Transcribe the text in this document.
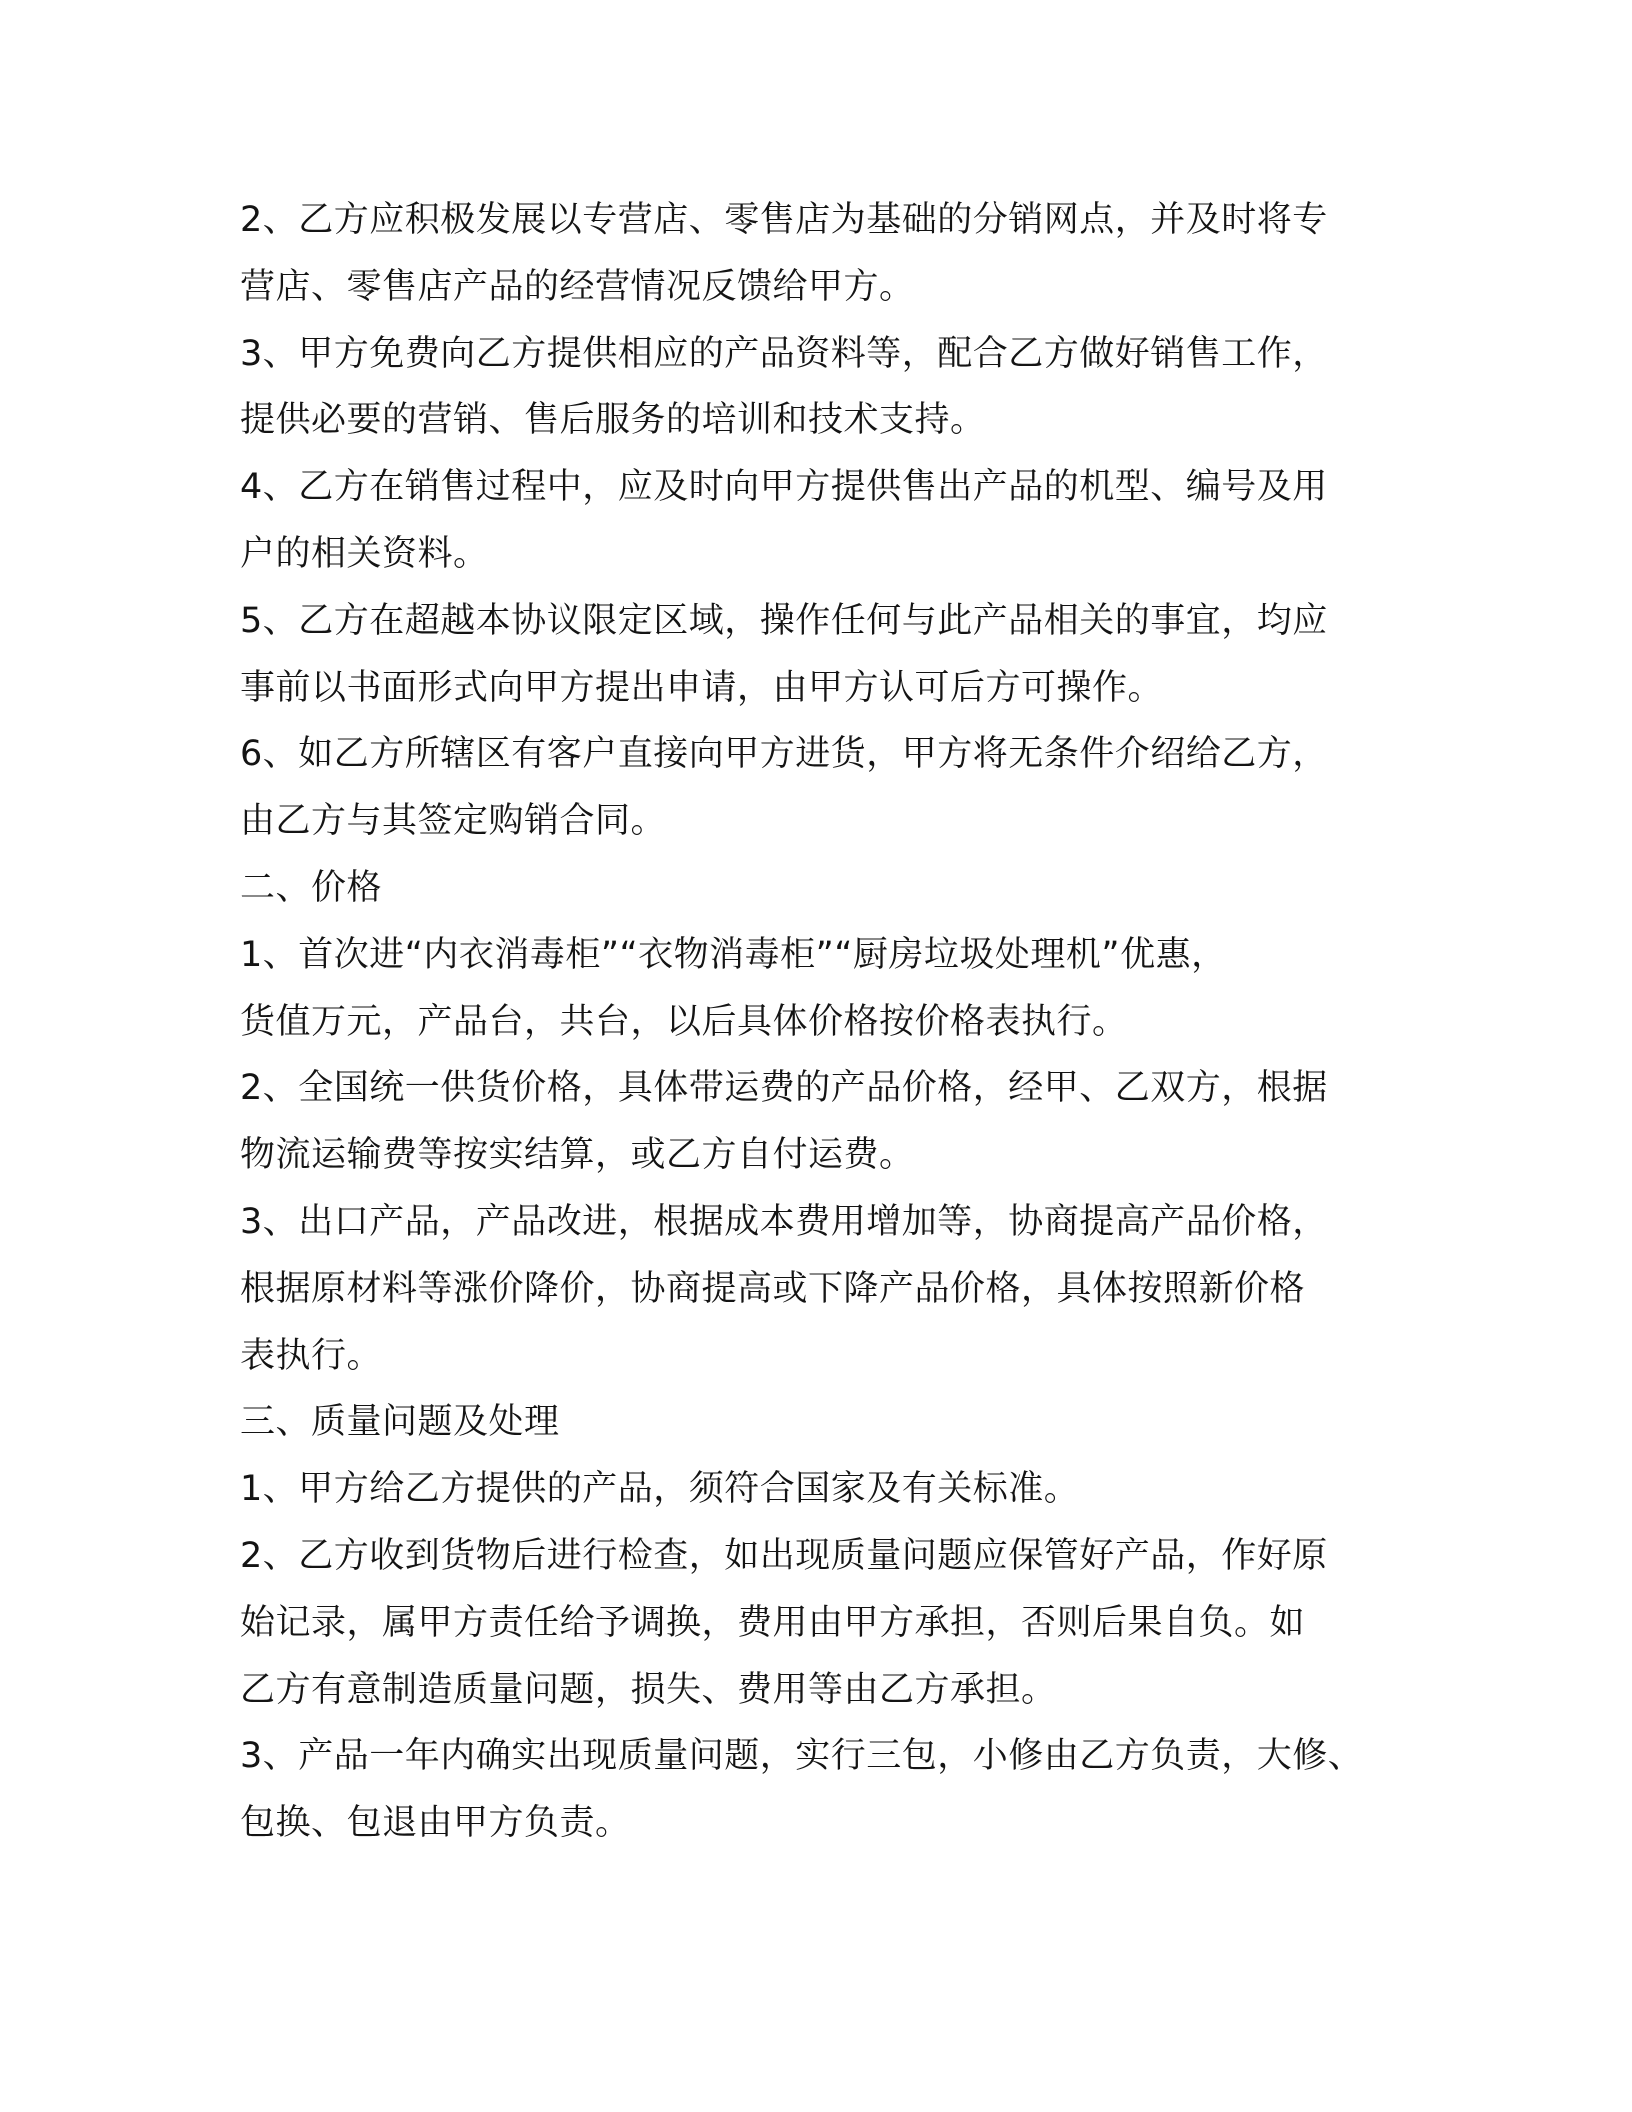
2、乙方应积极发展以专营店、零售店为基础的分销网点，并及时将专
营店、零售店产品的经营情况反馈给甲方。
3、甲方免费向乙方提供相应的产品资料等，配合乙方做好销售工作，
提供必要的营销、售后服务的培训和技术支持。
4、乙方在销售过程中，应及时向甲方提供售出产品的机型、编号及用
户的相关资料。
5、乙方在超越本协议限定区域，操作任何与此产品相关的事宜，均应
事前以书面形式向甲方提出申请，由甲方认可后方可操作。
6、如乙方所辖区有客户直接向甲方进货，甲方将无条件介绍给乙方，
由乙方与其签定购销合同。
二、价格
1、首次进“内衣消毒柜”“衣物消毒柜”“厨房垃圾处理机”优惠，
货值万元，产品台，共台，以后具体价格按价格表执行。
2、全国统一供货价格，具体带运费的产品价格，经甲、乙双方，根据
物流运输费等按实结算，或乙方自付运费。
3、出口产品，产品改进，根据成本费用增加等，协商提高产品价格，
根据原材料等涨价降价，协商提高或下降产品价格，具体按照新价格
表执行。
三、质量问题及处理
1、甲方给乙方提供的产品，须符合国家及有关标准。
2、乙方收到货物后进行检查，如出现质量问题应保管好产品，作好原
始记录，属甲方责任给予调换，费用由甲方承担，否则后果自负。如
乙方有意制造质量问题，损失、费用等由乙方承担。
3、产品一年内确实出现质量问题，实行三包，小修由乙方负责，大修、
包换、包退由甲方负责。
